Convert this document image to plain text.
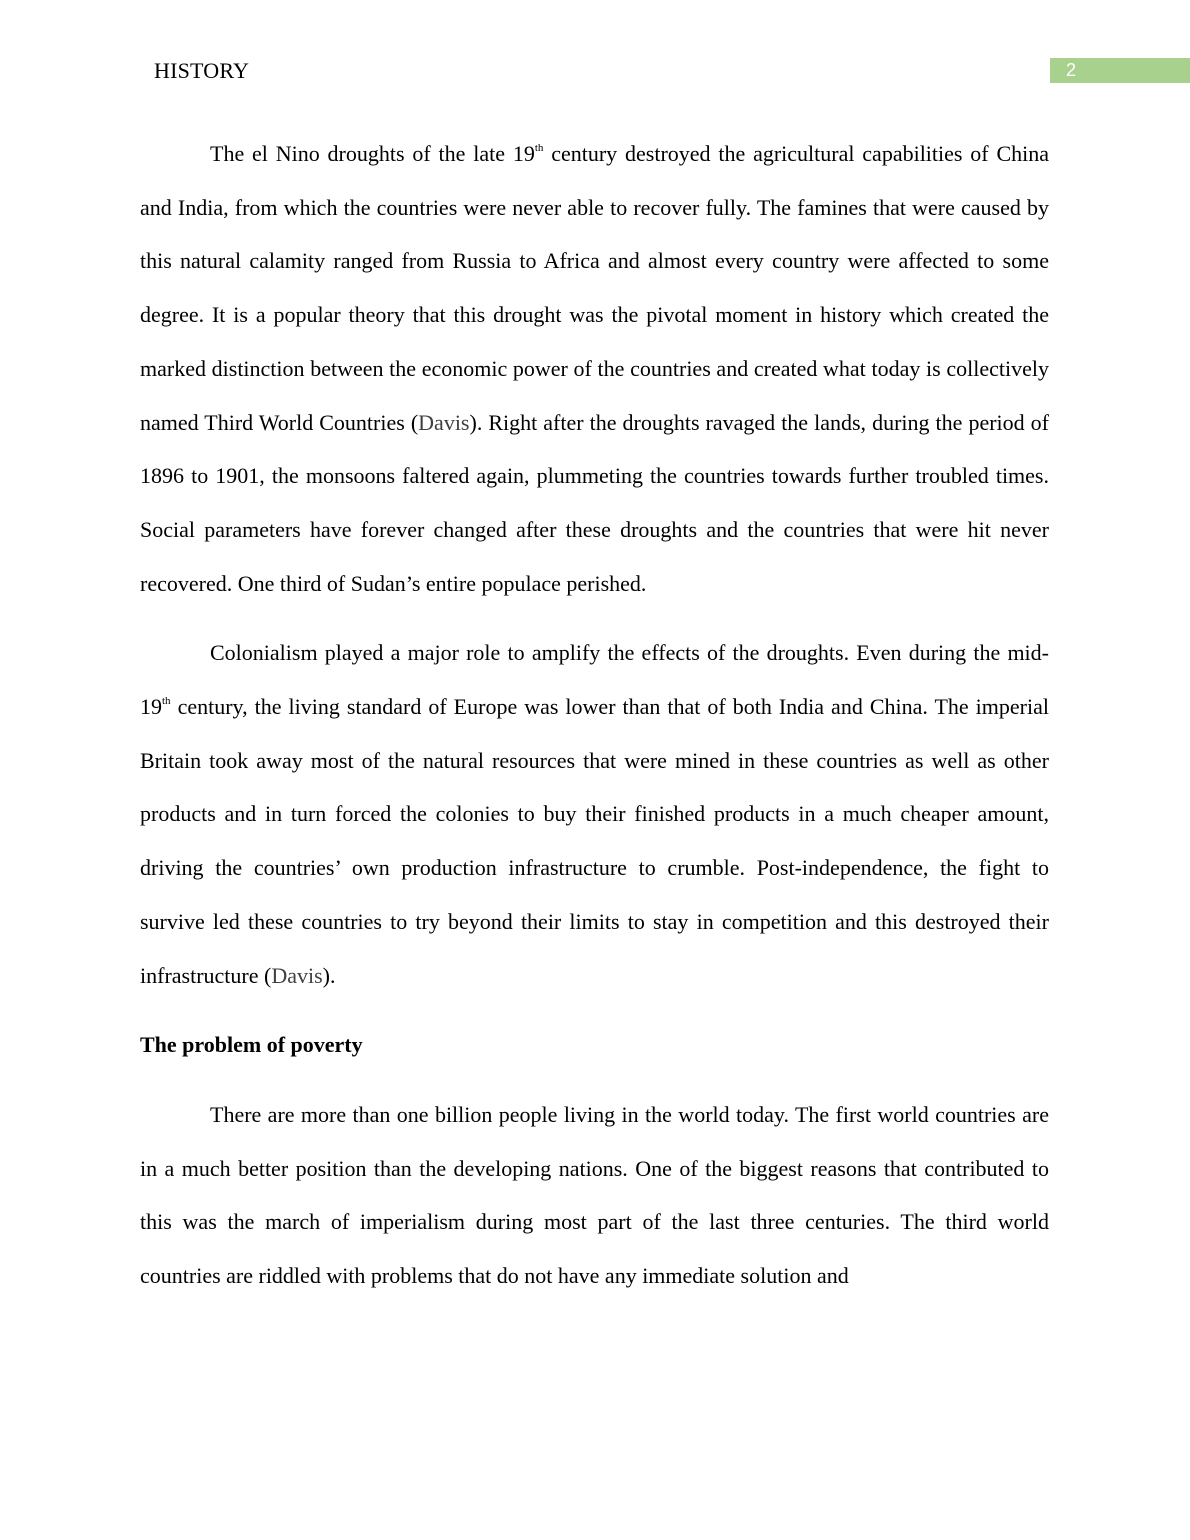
HISTORY	2

The el Nino droughts of the late 19th century destroyed the agricultural capabilities of China and India, from which the countries were never able to recover fully. The famines that were caused by this natural calamity ranged from Russia to Africa and almost every country were affected to some degree. It is a popular theory that this drought was the pivotal moment in history which created the marked distinction between the economic power of the countries and created what today is collectively named Third World Countries (Davis). Right after the droughts ravaged the lands, during the period of 1896 to 1901, the monsoons faltered again, plummeting the countries towards further troubled times. Social parameters have forever changed after these droughts and the countries that were hit never recovered. One third of Sudan’s entire populace perished.

Colonialism played a major role to amplify the effects of the droughts. Even during the mid-19th century, the living standard of Europe was lower than that of both India and China. The imperial Britain took away most of the natural resources that were mined in these countries as well as other products and in turn forced the colonies to buy their finished products in a much cheaper amount, driving the countries’ own production infrastructure to crumble. Post-independence, the fight to survive led these countries to try beyond their limits to stay in competition and this destroyed their infrastructure (Davis).

The problem of poverty

There are more than one billion people living in the world today. The first world countries are in a much better position than the developing nations. One of the biggest reasons that contributed to this was the march of imperialism during most part of the last three centuries. The third world countries are riddled with problems that do not have any immediate solution and
